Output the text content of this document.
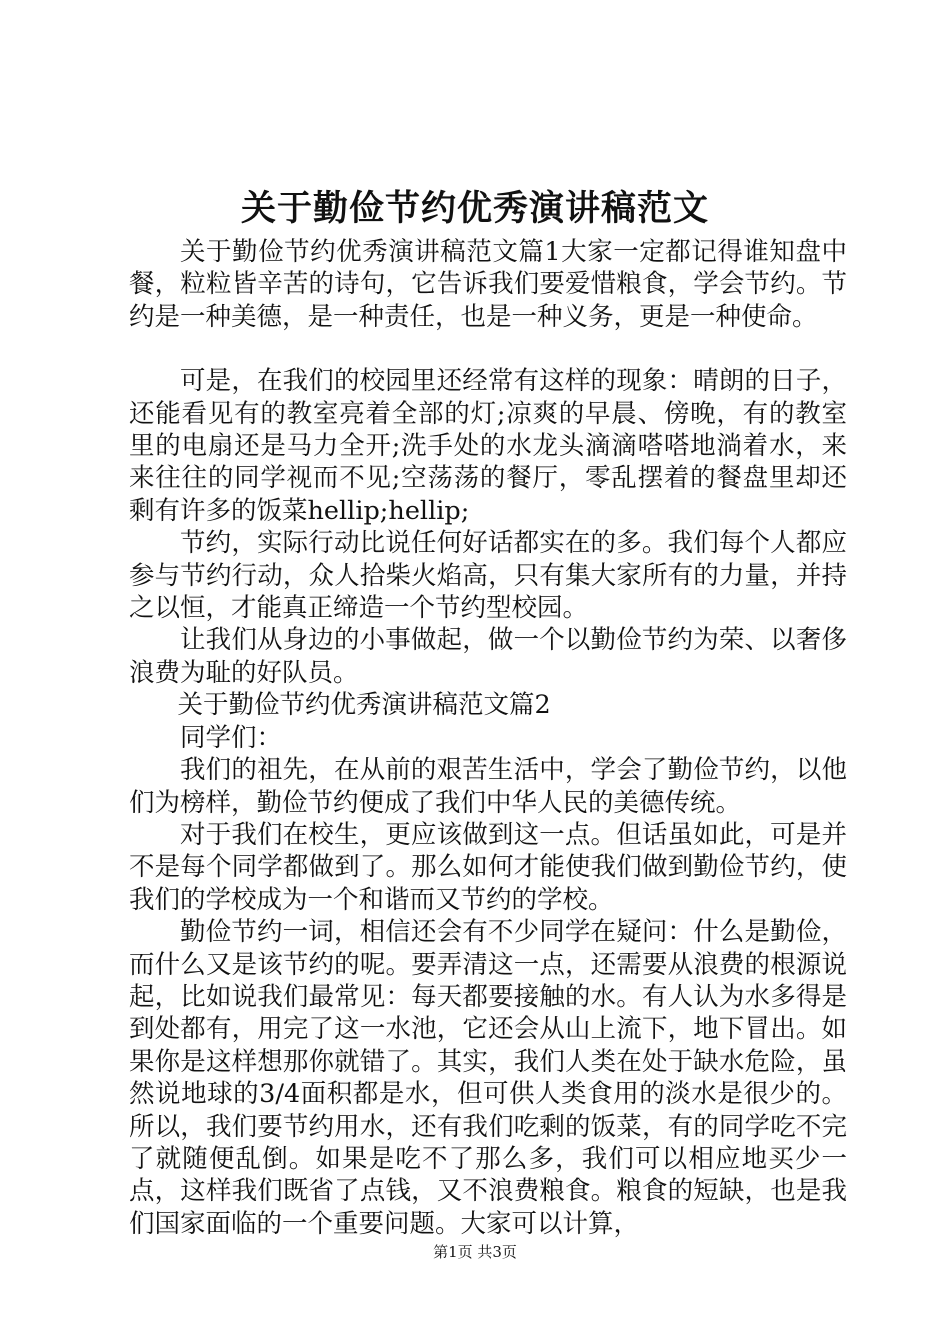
关于勤俭节约优秀演讲稿范文

关于勤俭节约优秀演讲稿范文篇1大家一定都记得谁知盘中餐，粒粒皆辛苦的诗句，它告诉我们要爱惜粮食，学会节约。节约是一种美德，是一种责任，也是一种义务，更是一种使命。

可是，在我们的校园里还经常有这样的现象：晴朗的日子，还能看见有的教室亮着全部的灯;凉爽的早晨、傍晚，有的教室里的电扇还是马力全开;洗手处的水龙头滴滴嗒嗒地淌着水，来来往往的同学视而不见;空荡荡的餐厅，零乱摆着的餐盘里却还剩有许多的饭菜hellip;hellip;

节约，实际行动比说任何好话都实在的多。我们每个人都应参与节约行动，众人拾柴火焰高，只有集大家所有的力量，并持之以恒，才能真正缔造一个节约型校园。

让我们从身边的小事做起，做一个以勤俭节约为荣、以奢侈浪费为耻的好队员。

关于勤俭节约优秀演讲稿范文篇2

同学们：

我们的祖先，在从前的艰苦生活中，学会了勤俭节约，以他们为榜样，勤俭节约便成了我们中华人民的美德传统。

对于我们在校生，更应该做到这一点。但话虽如此，可是并不是每个同学都做到了。那么如何才能使我们做到勤俭节约，使我们的学校成为一个和谐而又节约的学校。

勤俭节约一词，相信还会有不少同学在疑问：什么是勤俭，而什么又是该节约的呢。要弄清这一点，还需要从浪费的根源说起，比如说我们最常见：每天都要接触的水。有人认为水多得是到处都有，用完了这一水池，它还会从山上流下，地下冒出。如果你是这样想那你就错了。其实，我们人类在处于缺水危险，虽然说地球的3/4面积都是水，但可供人类食用的淡水是很少的。所以，我们要节约用水，还有我们吃剩的饭菜，有的同学吃不完了就随便乱倒。如果是吃不了那么多，我们可以相应地买少一点，这样我们既省了点钱，又不浪费粮食。粮食的短缺，也是我们国家面临的一个重要问题。大家可以计算，

第1页 共3页
